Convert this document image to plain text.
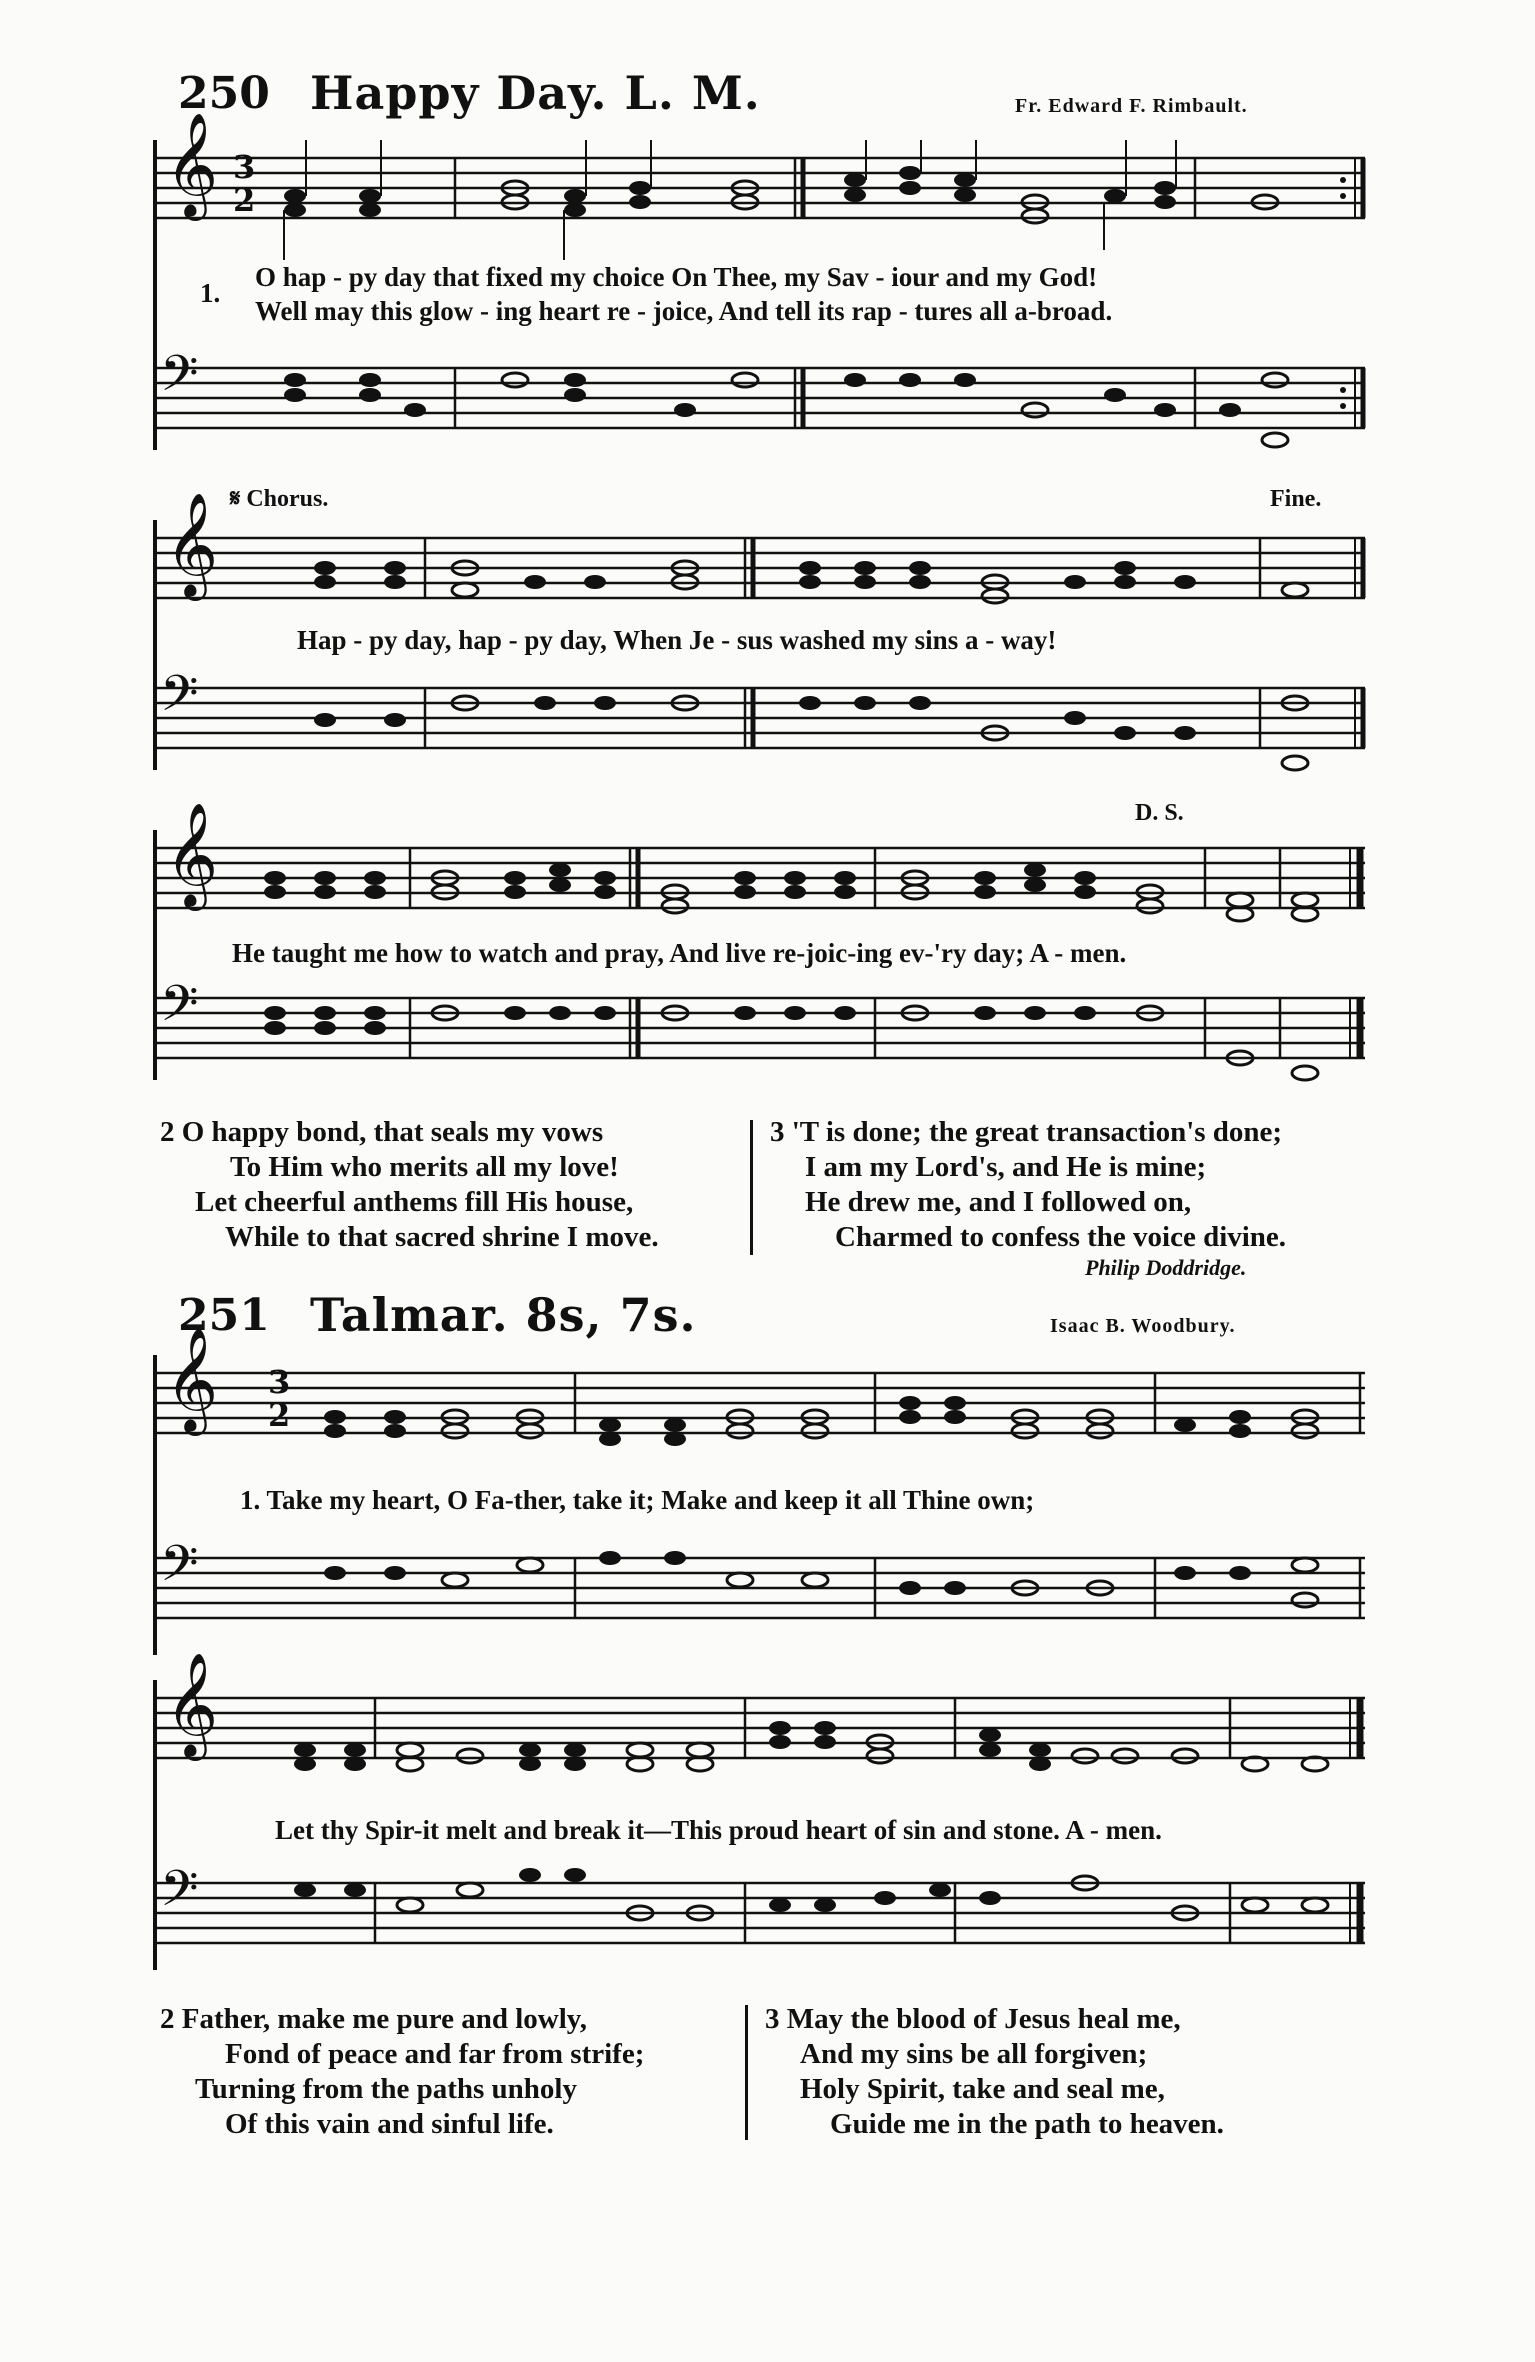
250 Happy Day. L. M.	Fr. Edward F. Rimbault.
𝄞
𝄢
3
2
1.
O hap - py day that fixed my choice On Thee, my Sav - iour and my God!
Well may this glow - ing heart re - joice, And tell its rap - tures all a-broad.
𝄋 Chorus.	Fine.
𝄞
𝄢
Hap - py day, hap - py day, When Je - sus washed my sins a - way!
D. S.
𝄞
𝄢
He taught me how to watch and pray, And live re-joic-ing ev-'ry day; A - men.
2 O happy bond, that seals my vows
To Him who merits all my love!
Let cheerful anthems fill His house,
While to that sacred shrine I move.
3 'T is done; the great transaction's done;
I am my Lord's, and He is mine;
He drew me, and I followed on,
Charmed to confess the voice divine.
Philip Doddridge.
251 Talmar. 8s, 7s.	Isaac B. Woodbury.
𝄞
𝄢
3
2
1. Take my heart, O Fa-ther, take it; Make and keep it all Thine own;
𝄞
𝄢
Let thy Spir-it melt and break it—This proud heart of sin and stone. A - men.
2 Father, make me pure and lowly,
Fond of peace and far from strife;
Turning from the paths unholy
Of this vain and sinful life.
3 May the blood of Jesus heal me,
And my sins be all forgiven;
Holy Spirit, take and seal me,
Guide me in the path to heaven.
